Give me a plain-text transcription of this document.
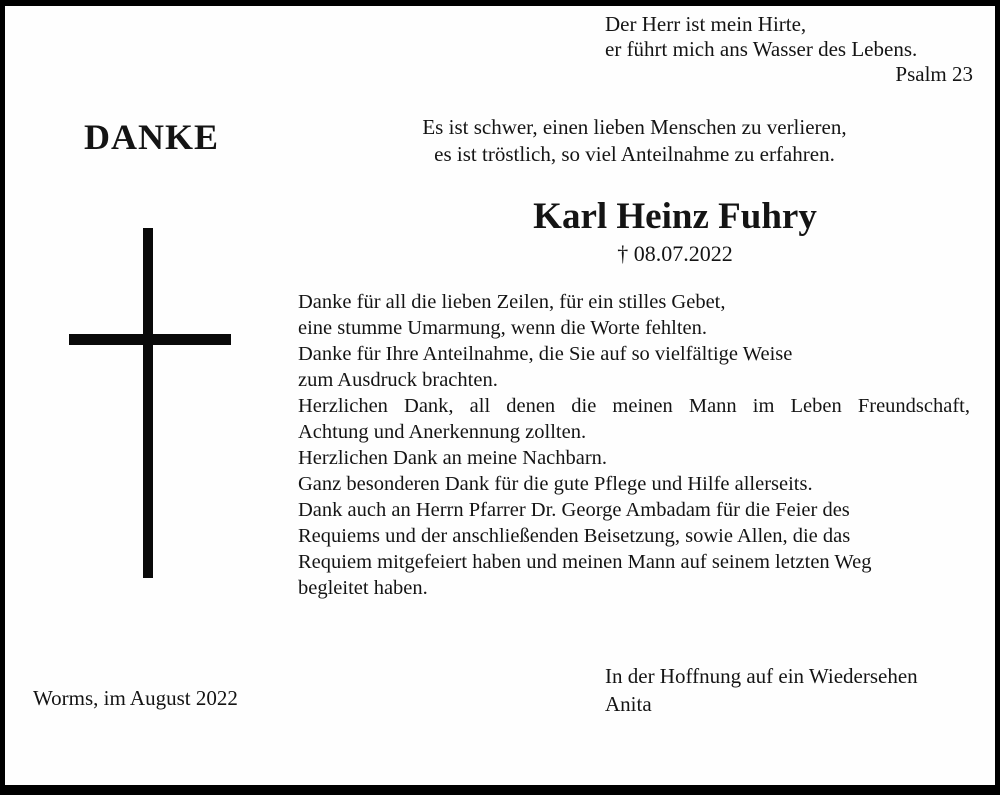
Der Herr ist mein Hirte,
er führt mich ans Wasser des Lebens.
Psalm 23
DANKE	Es ist schwer, einen lieben Menschen zu verlieren,
es ist tröstlich, so viel Anteilnahme zu erfahren.
Karl Heinz Fuhry
† 08.07.2022
Danke für all die lieben Zeilen, für ein stilles Gebet,
eine stumme Umarmung, wenn die Worte fehlten.
Danke für Ihre Anteilnahme, die Sie auf so vielfältige Weise
zum Ausdruck brachten.
Herzlichen Dank, all denen die meinen Mann im Leben Freundschaft,
Achtung und Anerkennung zollten.
Herzlichen Dank an meine Nachbarn.
Ganz besonderen Dank für die gute Pflege und Hilfe allerseits.
Dank auch an Herrn Pfarrer Dr. George Ambadam für die Feier des
Requiems und der anschließenden Beisetzung, sowie Allen, die das
Requiem mitgefeiert haben und meinen Mann auf seinem letzten Weg
begleitet haben.
Worms, im August 2022
In der Hoffnung auf ein Wiedersehen
Anita
